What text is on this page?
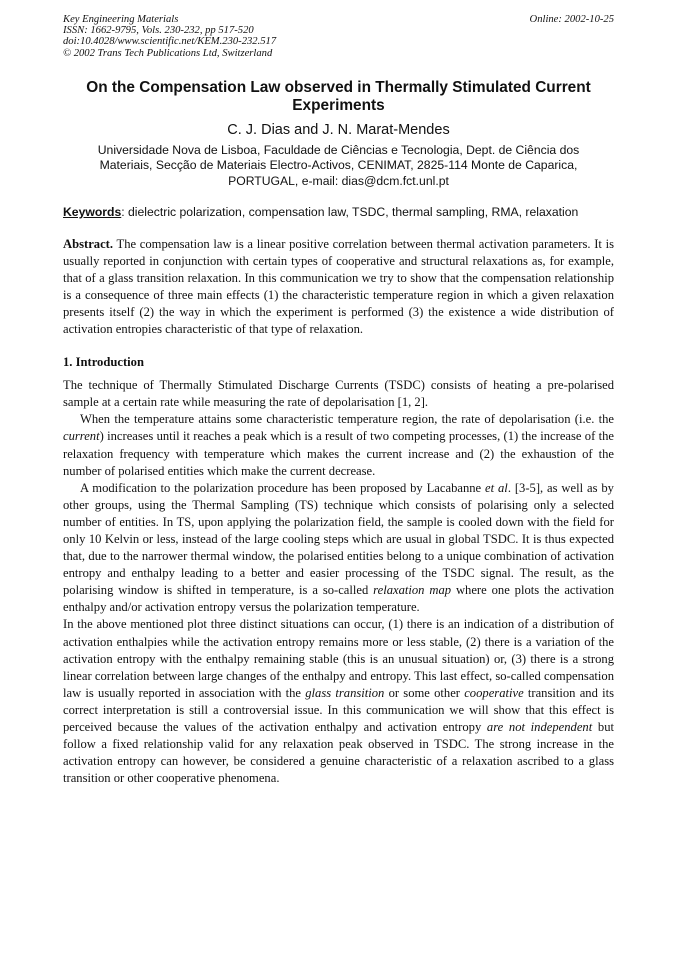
Key Engineering Materials	Online: 2002-10-25
ISSN: 1662-9795, Vols. 230-232, pp 517-520
doi:10.4028/www.scientific.net/KEM.230-232.517
© 2002 Trans Tech Publications Ltd, Switzerland
On the Compensation Law observed in Thermally Stimulated Current Experiments
C. J. Dias and J. N. Marat-Mendes
Universidade Nova de Lisboa, Faculdade de Ciências e Tecnologia, Dept. de Ciência dos Materiais, Secção de Materiais Electro-Activos, CENIMAT, 2825-114 Monte de Caparica, PORTUGAL, e-mail: dias@dcm.fct.unl.pt
Keywords: dielectric polarization, compensation law, TSDC, thermal sampling, RMA, relaxation
Abstract. The compensation law is a linear positive correlation between thermal activation parameters. It is usually reported in conjunction with certain types of cooperative and structural relaxations as, for example, that of a glass transition relaxation. In this communication we try to show that the compensation relationship is a consequence of three main effects (1) the characteristic temperature region in which a given relaxation presents itself (2) the way in which the experiment is performed (3) the existence a wide distribution of activation entropies characteristic of that type of relaxation.
1. Introduction

The technique of Thermally Stimulated Discharge Currents (TSDC) consists of heating a pre-polarised sample at a certain rate while measuring the rate of depolarisation [1, 2].

When the temperature attains some characteristic temperature region, the rate of depolarisation (i.e. the current) increases until it reaches a peak which is a result of two competing processes, (1) the increase of the relaxation frequency with temperature which makes the current increase and (2) the exhaustion of the number of polarised entities which make the current decrease.

A modification to the polarization procedure has been proposed by Lacabanne et al. [3-5], as well as by other groups, using the Thermal Sampling (TS) technique which consists of polarising only a selected number of entities. In TS, upon applying the polarization field, the sample is cooled down with the field for only 10 Kelvin or less, instead of the large cooling steps which are usual in global TSDC. It is thus expected that, due to the narrower thermal window, the polarised entities belong to a unique combination of activation entropy and enthalpy leading to a better and easier processing of the TSDC signal. The result, as the polarising window is shifted in temperature, is a so-called relaxation map where one plots the activation enthalpy and/or activation entropy versus the polarization temperature.

In the above mentioned plot three distinct situations can occur, (1) there is an indication of a distribution of activation enthalpies while the activation entropy remains more or less stable, (2) there is a variation of the activation entropy with the enthalpy remaining stable (this is an unusual situation) or, (3) there is a strong linear correlation between large changes of the enthalpy and entropy. This last effect, so-called compensation law is usually reported in association with the glass transition or some other cooperative transition and its correct interpretation is still a controversial issue. In this communication we will show that this effect is perceived because the values of the activation enthalpy and activation entropy are not independent but follow a fixed relationship valid for any relaxation peak observed in TSDC. The strong increase in the activation entropy can however, be considered a genuine characteristic of a relaxation ascribed to a glass transition or other cooperative phenomena.
